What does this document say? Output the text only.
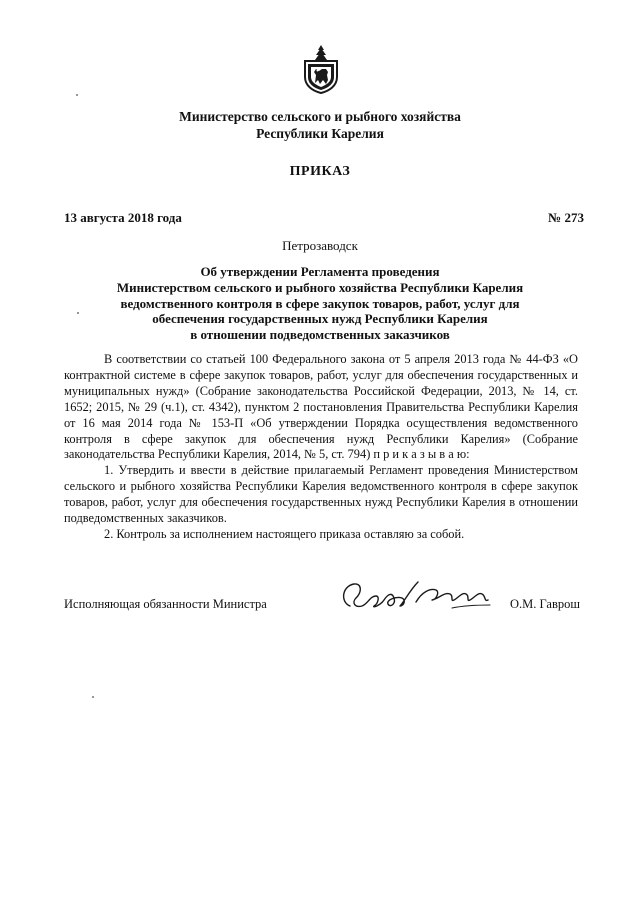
Министерство сельского и рыбного хозяйства
Республики Карелия
ПРИКАЗ
13 августа 2018 года	№ 273
Петрозаводск
Об утверждении Регламента проведения
Министерством сельского и рыбного хозяйства Республики Карелия
ведомственного контроля в сфере закупок товаров, работ, услуг для
обеспечения государственных нужд Республики Карелия
в отношении подведомственных заказчиков

В соответствии со статьей 100 Федерального закона от 5 апреля 2013 года № 44-ФЗ «О контрактной системе в сфере закупок товаров, работ, услуг для обеспечения государственных и муниципальных нужд» (Собрание законодательства Российской Федерации, 2013, № 14, ст. 1652; 2015, № 29 (ч.1), ст. 4342), пунктом 2 постановления Правительства Республики Карелия от 16 мая 2014 года № 153-П «Об утверждении Порядка осуществления ведомственного контроля в сфере закупок для обеспечения нужд Республики Карелия» (Собрание законодательства Республики Карелия, 2014, № 5, ст. 794) п р и к а з ы в а ю:

1. Утвердить и ввести в действие прилагаемый Регламент проведения Министерством сельского и рыбного хозяйства Республики Карелия ведомственного контроля в сфере закупок товаров, работ, услуг для обеспечения государственных нужд Республики Карелия в отношении подведомственных заказчиков.

2. Контроль за исполнением настоящего приказа оставляю за собой.

Исполняющая обязанности Министра	О.М. Гаврош
